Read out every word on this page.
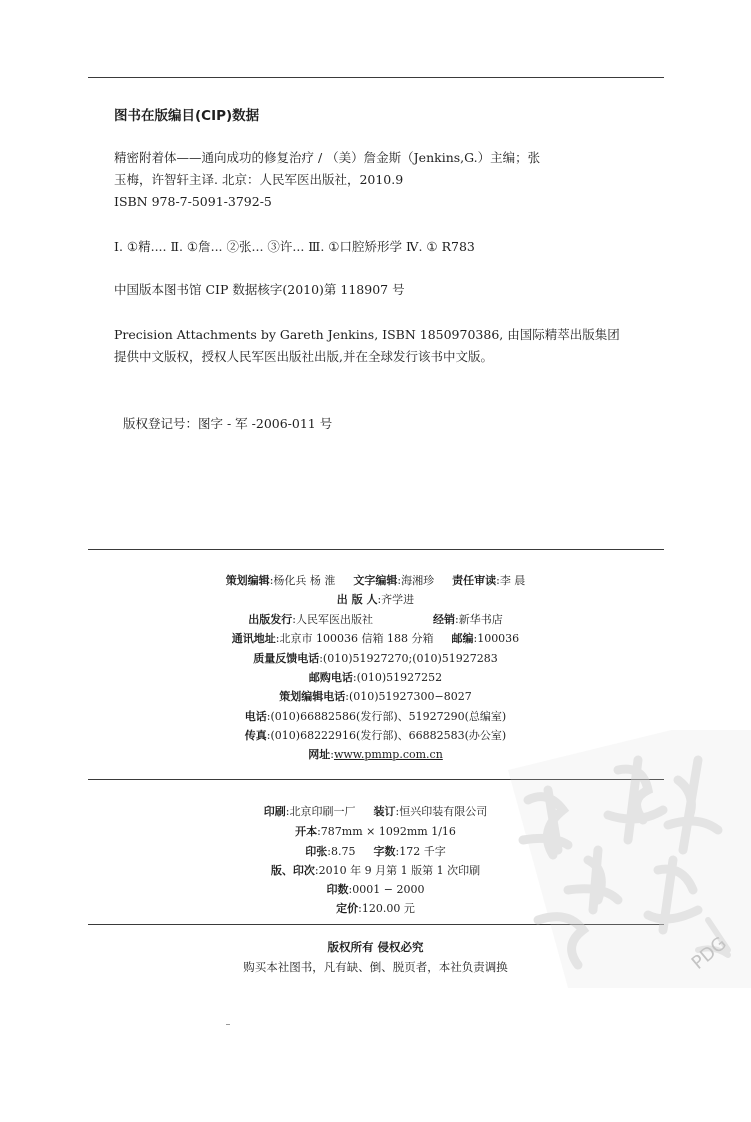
图书在版编目(CIP)数据
精密附着体——通向成功的修复治疗 / （美）詹金斯（Jenkins,G.）主编；张
玉梅，许智轩主译. 北京：人民军医出版社，2010.9
ISBN 978-7-5091-3792-5
Ⅰ. ①精.... Ⅱ. ①詹... ②张... ③许... Ⅲ. ①口腔矫形学 Ⅳ. ① R783
中国版本图书馆 CIP 数据核字(2010)第 118907 号
Precision Attachments by Gareth Jenkins, ISBN 1850970386, 由国际精萃出版集团
提供中文版权，授权人民军医出版社出版,并在全球发行该书中文版。
版权登记号：图字 - 军 -2006-011 号
策划编辑:杨化兵 杨 淮 文字编辑:海湘珍 责任审读:李 晨
出 版 人:齐学进
出版发行:人民军医出版社	经销:新华书店
通讯地址:北京市 100036 信箱 188 分箱 邮编:100036
质量反馈电话:(010)51927270;(010)51927283
邮购电话:(010)51927252
策划编辑电话:(010)51927300−8027
电话:(010)66882586(发行部)、51927290(总编室)
传真:(010)68222916(发行部)、66882583(办公室)
网址:www.pmmp.com.cn
印刷:北京印刷一厂 装订:恒兴印装有限公司
开本:787mm × 1092mm 1/16
印张:8.75 字数:172 千字
版、印次:2010 年 9 月第 1 版第 1 次印刷
印数:0001 − 2000
定价:120.00 元
版权所有 侵权必究
购买本社图书，凡有缺、倒、脱页者，本社负责调换	PDG
